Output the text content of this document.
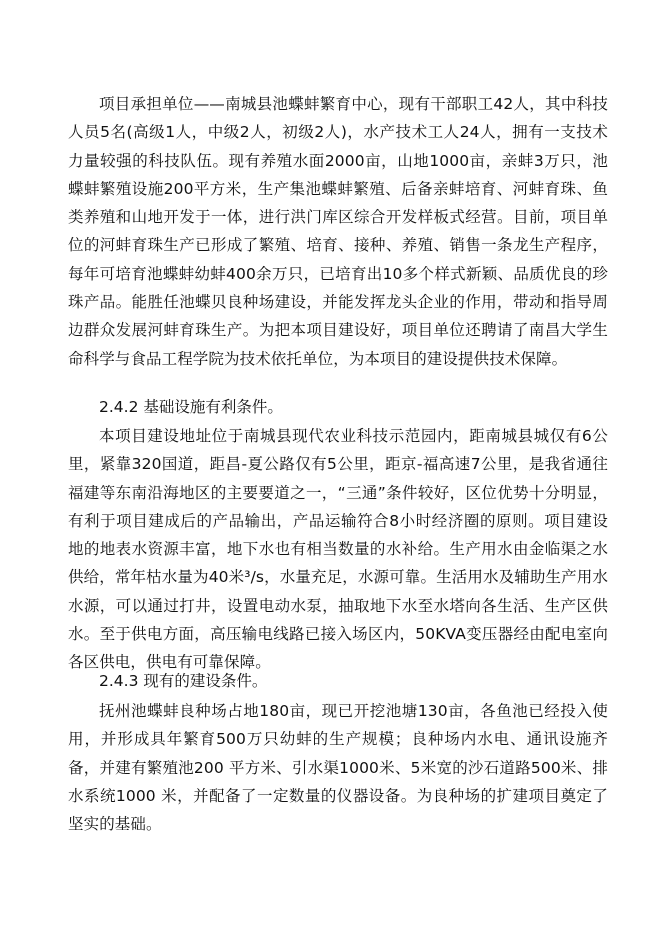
项目承担单位——南城县池蝶蚌繁育中心，现有干部职工42人，其中科技人员5名(高级1人，中级2人，初级2人)，水产技术工人24人，拥有一支技术力量较强的科技队伍。现有养殖水面2000亩，山地1000亩，亲蚌3万只，池蝶蚌繁殖设施200平方米，生产集池蝶蚌繁殖、后备亲蚌培育、河蚌育珠、鱼类养殖和山地开发于一体，进行洪门库区综合开发样板式经营。目前，项目单位的河蚌育珠生产已形成了繁殖、培育、接种、养殖、销售一条龙生产程序，每年可培育池蝶蚌幼蚌400余万只，已培育出10多个样式新颖、品质优良的珍珠产品。能胜任池蝶贝良种场建设，并能发挥龙头企业的作用，带动和指导周边群众发展河蚌育珠生产。为把本项目建设好，项目单位还聘请了南昌大学生命科学与食品工程学院为技术依托单位，为本项目的建设提供技术保障。

2.4.2 基础设施有利条件。

本项目建设地址位于南城县现代农业科技示范园内，距南城县城仅有6公里，紧靠320国道，距昌-夏公路仅有5公里，距京-福高速7公里，是我省通往福建等东南沿海地区的主要要道之一，“三通”条件较好，区位优势十分明显，有利于项目建成后的产品输出，产品运输符合8小时经济圈的原则。项目建设地的地表水资源丰富，地下水也有相当数量的水补给。生产用水由金临渠之水供给，常年枯水量为40米³/s，水量充足，水源可靠。生活用水及辅助生产用水水源，可以通过打井，设置电动水泵，抽取地下水至水塔向各生活、生产区供水。至于供电方面，高压输电线路已接入场区内，50KVA变压器经由配电室向各区供电，供电有可靠保障。

2.4.3 现有的建设条件。

抚州池蝶蚌良种场占地180亩，现已开挖池塘130亩，各鱼池已经投入使用，并形成具年繁育500万只幼蚌的生产规模；良种场内水电、通讯设施齐备，并建有繁殖池200 平方米、引水渠1000米、5米宽的沙石道路500米、排水系统1000 米，并配备了一定数量的仪器设备。为良种场的扩建项目奠定了坚实的基础。
